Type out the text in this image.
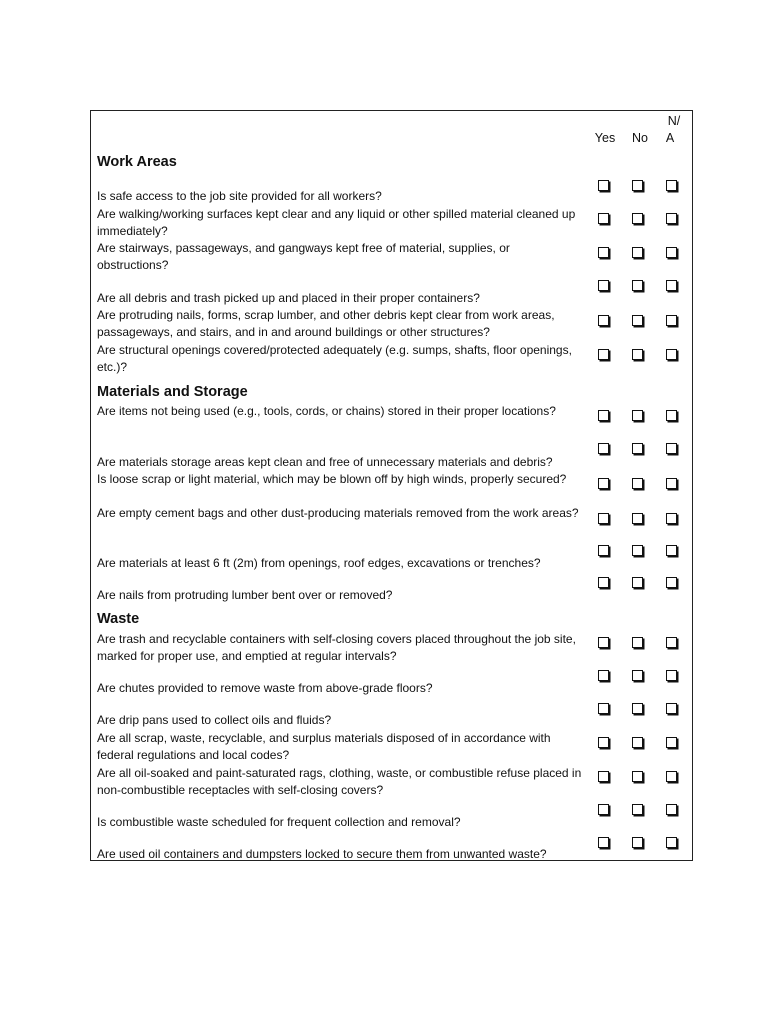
Yes	No
N/
A
Work Areas

Is safe access to the job site provided for all workers?

Are walking/working surfaces kept clear and any liquid or other spilled material cleaned up immediately?

Are stairways, passageways, and gangways kept free of material, supplies, or obstructions?

Are all debris and trash picked up and placed in their proper containers?

Are protruding nails, forms, scrap lumber, and other debris kept clear from work areas, passageways, and stairs, and in and around buildings or other structures?

Are structural openings covered/protected adequately (e.g. sumps, shafts, floor openings, etc.)?

Materials and Storage

Are items not being used (e.g., tools, cords, or chains) stored in their proper locations?

Are materials storage areas kept clean and free of unnecessary materials and debris?

Is loose scrap or light material, which may be blown off by high winds, properly secured?

Are empty cement bags and other dust-producing materials removed from the work areas?

Are materials at least 6 ft (2m) from openings, roof edges, excavations or trenches?

Are nails from protruding lumber bent over or removed?

Waste

Are trash and recyclable containers with self-closing covers placed throughout the job site, marked for proper use, and emptied at regular intervals?

Are chutes provided to remove waste from above-grade floors?

Are drip pans used to collect oils and fluids?

Are all scrap, waste, recyclable, and surplus materials disposed of in accordance with federal regulations and local codes?

Are all oil-soaked and paint-saturated rags, clothing, waste, or combustible refuse placed in non-combustible receptacles with self-closing covers?

Is combustible waste scheduled for frequent collection and removal?

Are used oil containers and dumpsters locked to secure them from unwanted waste?
